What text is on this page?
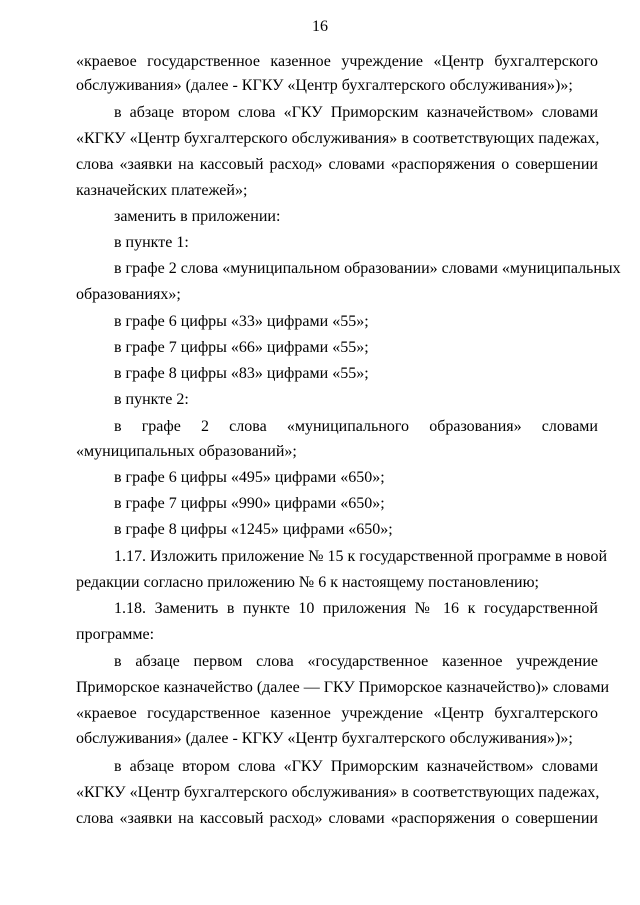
16
«краевое государственное казенное учреждение «Центр бухгалтерского
обслуживания» (далее - КГКУ «Центр бухгалтерского обслуживания»)»;
в абзаце втором слова «ГКУ Приморским казначейством» словами
«КГКУ «Центр бухгалтерского обслуживания» в соответствующих падежах,
слова «заявки на кассовый расход» словами «распоряжения о совершении
казначейских платежей»;
заменить в приложении:
в пункте 1:
в графе 2 слова «муниципальном образовании» словами «муниципальных
образованиях»;
в графе 6 цифры «33» цифрами «55»;
в графе 7 цифры «66» цифрами «55»;
в графе 8 цифры «83» цифрами «55»;
в пункте 2:
в графе 2 слова «муниципального образования» словами
«муниципальных образований»;
в графе 6 цифры «495» цифрами «650»;
в графе 7 цифры «990» цифрами «650»;
в графе 8 цифры «1245» цифрами «650»;
1.17. Изложить приложение № 15 к государственной программе в новой
редакции согласно приложению № 6 к настоящему постановлению;
1.18. Заменить в пункте 10 приложения № 16 к государственной
программе:
в абзаце первом слова «государственное казенное учреждение
Приморское казначейство (далее — ГКУ Приморское казначейство)» словами
«краевое государственное казенное учреждение «Центр бухгалтерского
обслуживания» (далее - КГКУ «Центр бухгалтерского обслуживания»)»;
в абзаце втором слова «ГКУ Приморским казначейством» словами
«КГКУ «Центр бухгалтерского обслуживания» в соответствующих падежах,
слова «заявки на кассовый расход» словами «распоряжения о совершении
